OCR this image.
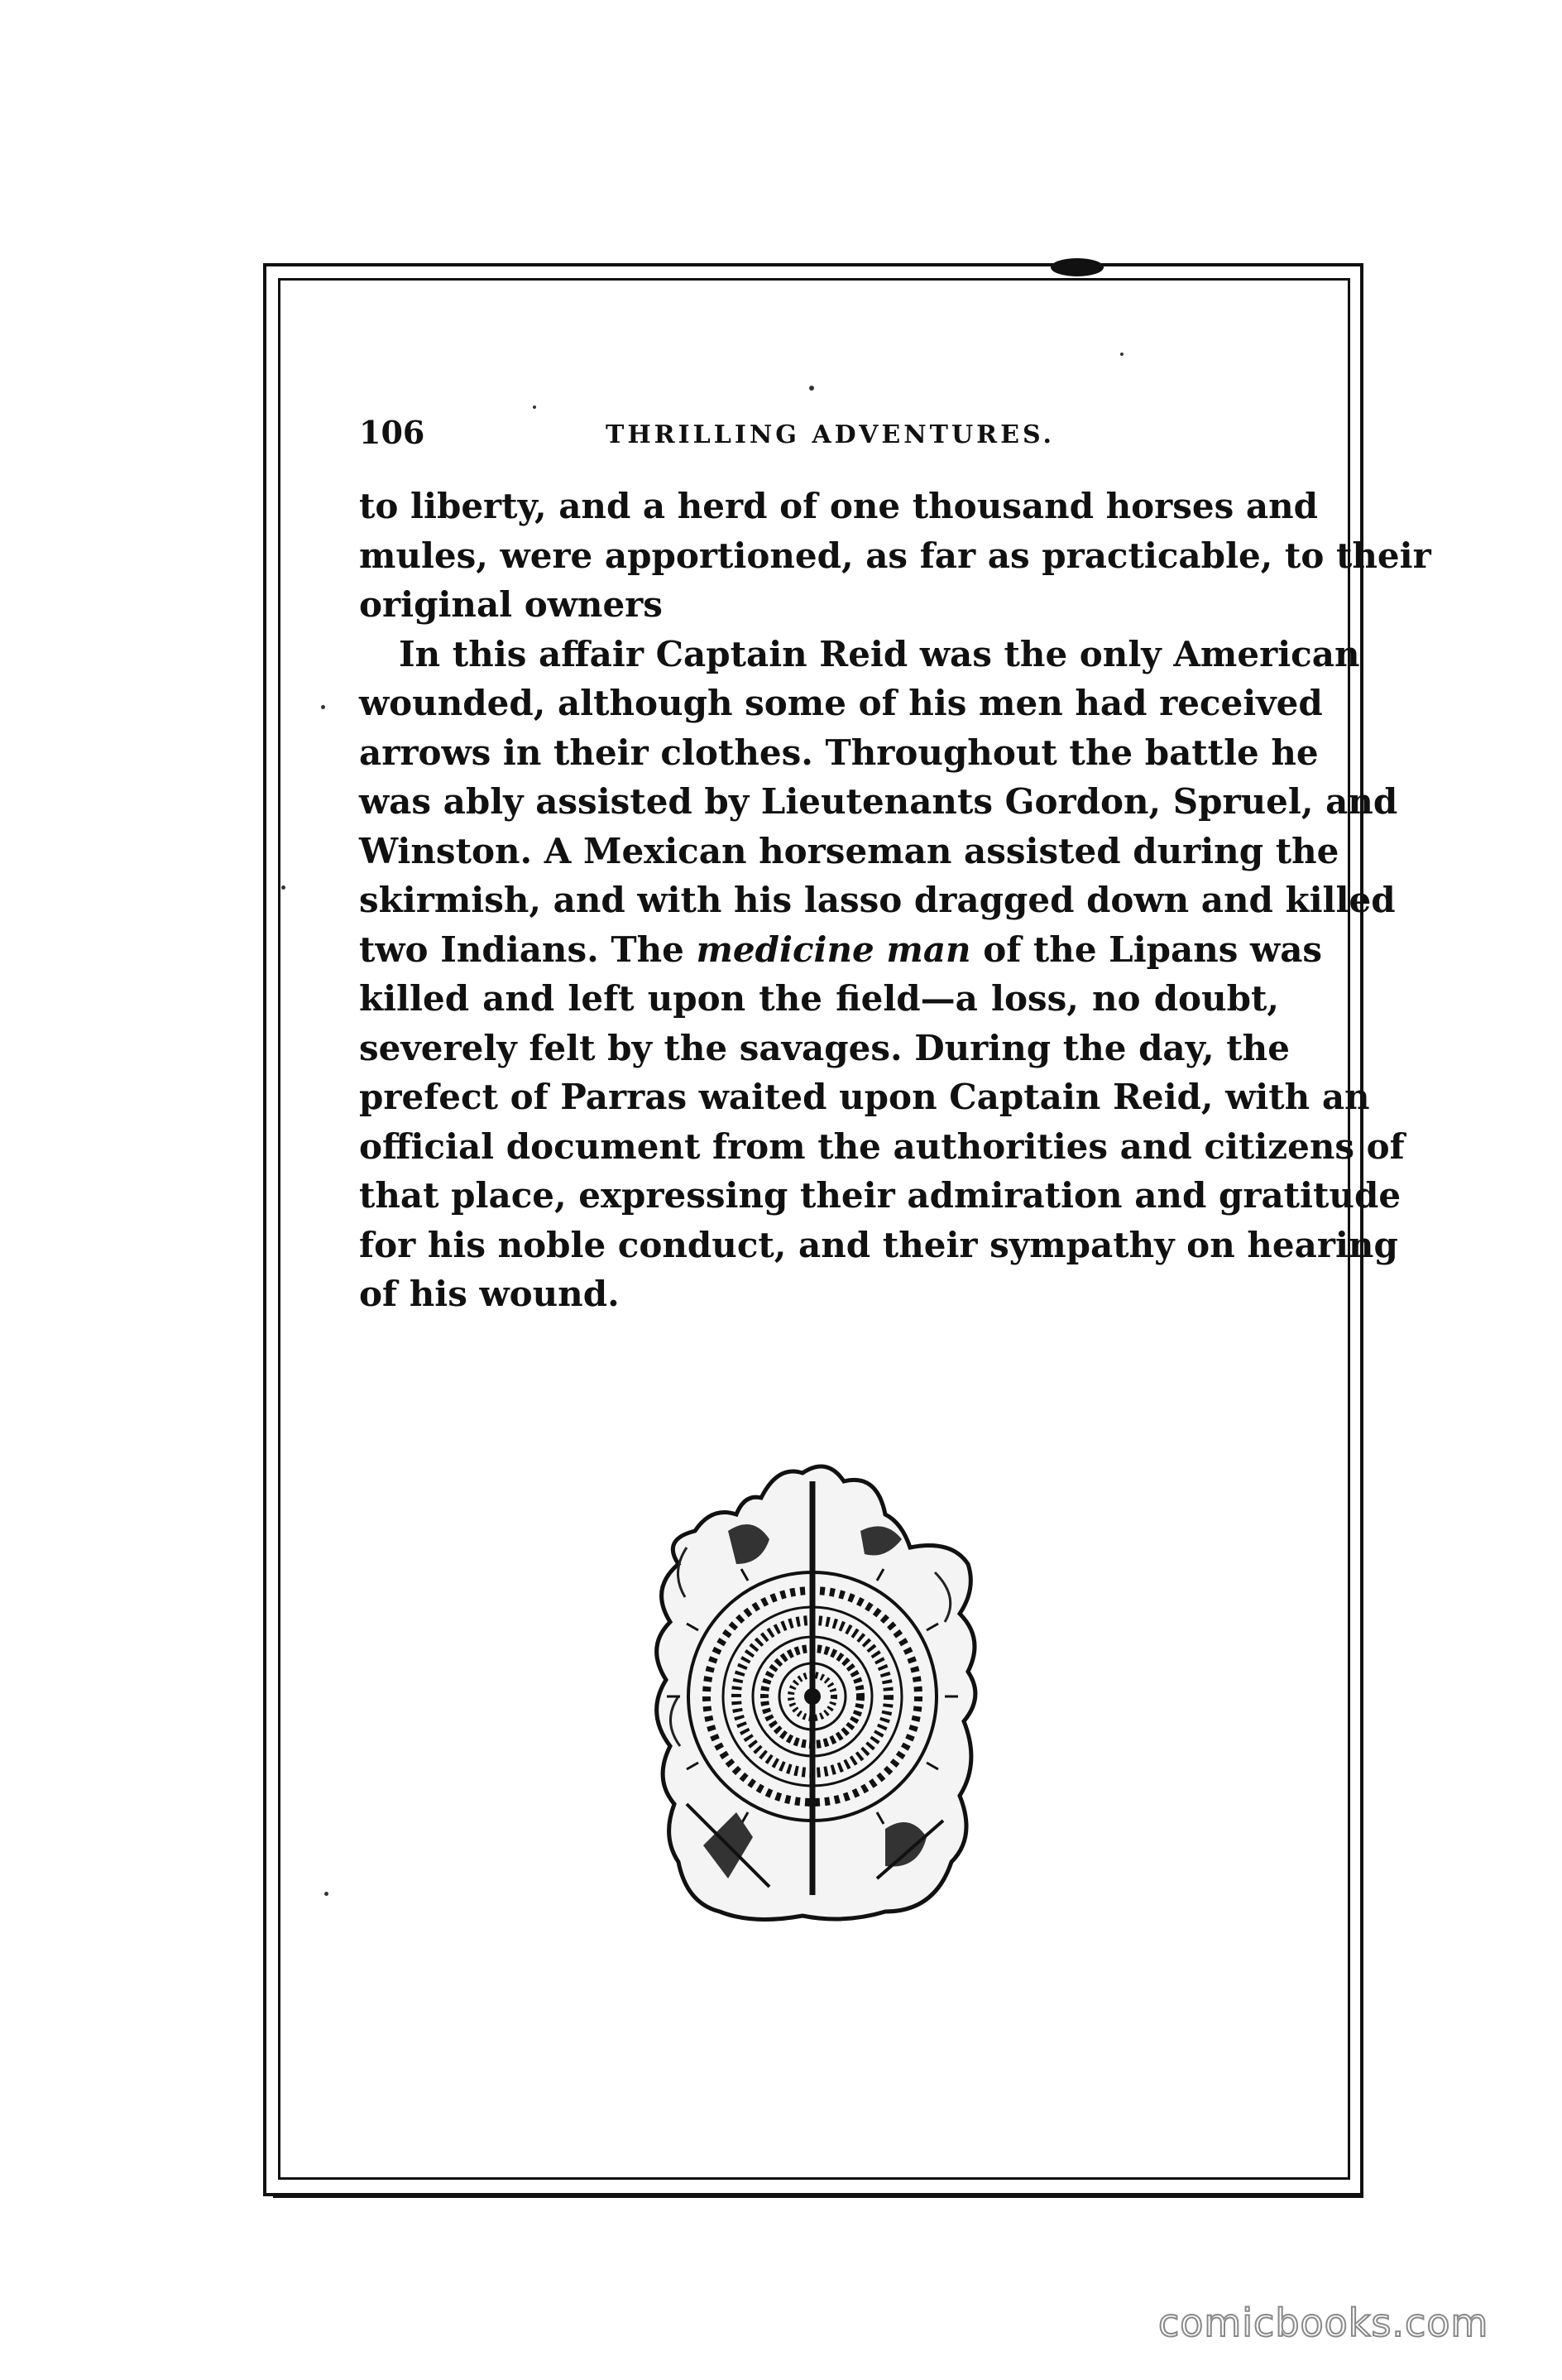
106	THRILLING ADVENTURES.
to liberty, and a herd of one thousand horses and
mules, were apportioned, as far as practicable, to their
original owners
In this affair Captain Reid was the only American
wounded, although some of his men had received
arrows in their clothes. Throughout the battle he
was ably assisted by Lieutenants Gordon, Spruel, and
Winston. A Mexican horseman assisted during the
skirmish, and with his lasso dragged down and killed
two Indians. The medicine man of the Lipans was
killed and left upon the field—a loss, no doubt,
severely felt by the savages. During the day, the
prefect of Parras waited upon Captain Reid, with an
official document from the authorities and citizens of
that place, expressing their admiration and gratitude
for his noble conduct, and their sympathy on hearing
of his wound.
comicbooks.com
